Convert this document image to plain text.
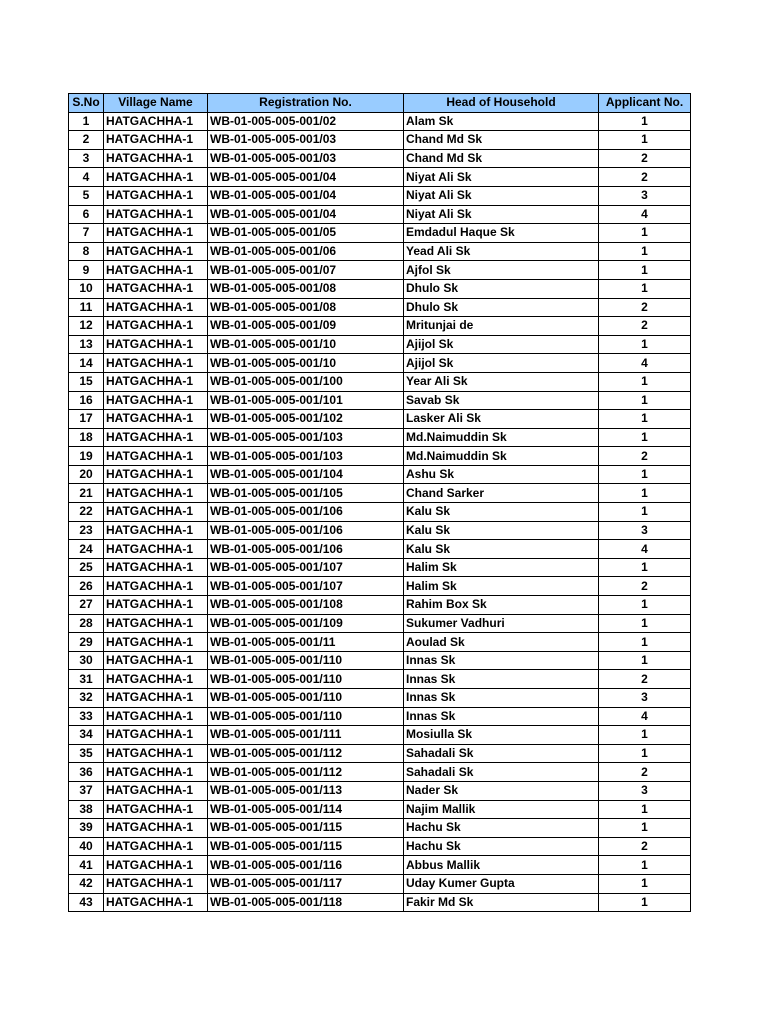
S.No	Village Name	Registration No.	Head of Household	Applicant No.
1	HATGACHHA-1	WB-01-005-005-001/02	Alam Sk	1
2	HATGACHHA-1	WB-01-005-005-001/03	Chand Md Sk	1
3	HATGACHHA-1	WB-01-005-005-001/03	Chand Md Sk	2
4	HATGACHHA-1	WB-01-005-005-001/04	Niyat Ali Sk	2
5	HATGACHHA-1	WB-01-005-005-001/04	Niyat Ali Sk	3
6	HATGACHHA-1	WB-01-005-005-001/04	Niyat Ali Sk	4
7	HATGACHHA-1	WB-01-005-005-001/05	Emdadul Haque Sk	1
8	HATGACHHA-1	WB-01-005-005-001/06	Yead Ali Sk	1
9	HATGACHHA-1	WB-01-005-005-001/07	Ajfol Sk	1
10	HATGACHHA-1	WB-01-005-005-001/08	Dhulo Sk	1
11	HATGACHHA-1	WB-01-005-005-001/08	Dhulo Sk	2
12	HATGACHHA-1	WB-01-005-005-001/09	Mritunjai de	2
13	HATGACHHA-1	WB-01-005-005-001/10	Ajijol Sk	1
14	HATGACHHA-1	WB-01-005-005-001/10	Ajijol Sk	4
15	HATGACHHA-1	WB-01-005-005-001/100	Year Ali Sk	1
16	HATGACHHA-1	WB-01-005-005-001/101	Savab Sk	1
17	HATGACHHA-1	WB-01-005-005-001/102	Lasker Ali Sk	1
18	HATGACHHA-1	WB-01-005-005-001/103	Md.Naimuddin Sk	1
19	HATGACHHA-1	WB-01-005-005-001/103	Md.Naimuddin Sk	2
20	HATGACHHA-1	WB-01-005-005-001/104	Ashu Sk	1
21	HATGACHHA-1	WB-01-005-005-001/105	Chand Sarker	1
22	HATGACHHA-1	WB-01-005-005-001/106	Kalu Sk	1
23	HATGACHHA-1	WB-01-005-005-001/106	Kalu Sk	3
24	HATGACHHA-1	WB-01-005-005-001/106	Kalu Sk	4
25	HATGACHHA-1	WB-01-005-005-001/107	Halim Sk	1
26	HATGACHHA-1	WB-01-005-005-001/107	Halim Sk	2
27	HATGACHHA-1	WB-01-005-005-001/108	Rahim Box Sk	1
28	HATGACHHA-1	WB-01-005-005-001/109	Sukumer Vadhuri	1
29	HATGACHHA-1	WB-01-005-005-001/11	Aoulad Sk	1
30	HATGACHHA-1	WB-01-005-005-001/110	Innas Sk	1
31	HATGACHHA-1	WB-01-005-005-001/110	Innas Sk	2
32	HATGACHHA-1	WB-01-005-005-001/110	Innas Sk	3
33	HATGACHHA-1	WB-01-005-005-001/110	Innas Sk	4
34	HATGACHHA-1	WB-01-005-005-001/111	Mosiulla Sk	1
35	HATGACHHA-1	WB-01-005-005-001/112	Sahadali Sk	1
36	HATGACHHA-1	WB-01-005-005-001/112	Sahadali Sk	2
37	HATGACHHA-1	WB-01-005-005-001/113	Nader Sk	3
38	HATGACHHA-1	WB-01-005-005-001/114	Najim Mallik	1
39	HATGACHHA-1	WB-01-005-005-001/115	Hachu Sk	1
40	HATGACHHA-1	WB-01-005-005-001/115	Hachu Sk	2
41	HATGACHHA-1	WB-01-005-005-001/116	Abbus Mallik	1
42	HATGACHHA-1	WB-01-005-005-001/117	Uday Kumer Gupta	1
43	HATGACHHA-1	WB-01-005-005-001/118	Fakir Md Sk	1
